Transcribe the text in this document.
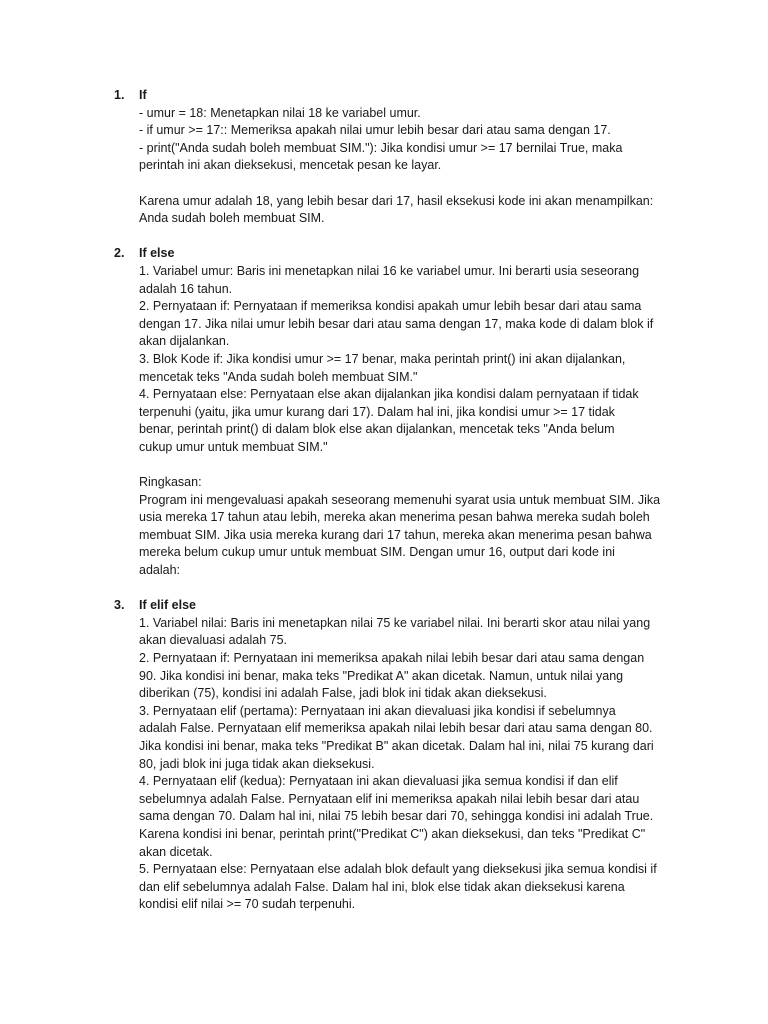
1. If
- umur = 18: Menetapkan nilai 18 ke variabel umur.
- if umur >= 17:: Memeriksa apakah nilai umur lebih besar dari atau sama dengan 17.
- print("Anda sudah boleh membuat SIM."): Jika kondisi umur >= 17 bernilai True, maka
perintah ini akan dieksekusi, mencetak pesan ke layar.
Karena umur adalah 18, yang lebih besar dari 17, hasil eksekusi kode ini akan menampilkan:
Anda sudah boleh membuat SIM.
2. If else
1. Variabel umur: Baris ini menetapkan nilai 16 ke variabel umur. Ini berarti usia seseorang
adalah 16 tahun.
2. Pernyataan if: Pernyataan if memeriksa kondisi apakah umur lebih besar dari atau sama
dengan 17. Jika nilai umur lebih besar dari atau sama dengan 17, maka kode di dalam blok if
akan dijalankan.
3. Blok Kode if: Jika kondisi umur >= 17 benar, maka perintah print() ini akan dijalankan,
mencetak teks "Anda sudah boleh membuat SIM."
4. Pernyataan else: Pernyataan else akan dijalankan jika kondisi dalam pernyataan if tidak
terpenuhi (yaitu, jika umur kurang dari 17). Dalam hal ini, jika kondisi umur >= 17 tidak
benar, perintah print() di dalam blok else akan dijalankan, mencetak teks "Anda belum
cukup umur untuk membuat SIM."
Ringkasan:
Program ini mengevaluasi apakah seseorang memenuhi syarat usia untuk membuat SIM. Jika
usia mereka 17 tahun atau lebih, mereka akan menerima pesan bahwa mereka sudah boleh
membuat SIM. Jika usia mereka kurang dari 17 tahun, mereka akan menerima pesan bahwa
mereka belum cukup umur untuk membuat SIM. Dengan umur 16, output dari kode ini
adalah:
3. If elif else
1. Variabel nilai: Baris ini menetapkan nilai 75 ke variabel nilai. Ini berarti skor atau nilai yang
akan dievaluasi adalah 75.
2. Pernyataan if: Pernyataan ini memeriksa apakah nilai lebih besar dari atau sama dengan
90. Jika kondisi ini benar, maka teks "Predikat A" akan dicetak. Namun, untuk nilai yang
diberikan (75), kondisi ini adalah False, jadi blok ini tidak akan dieksekusi.
3. Pernyataan elif (pertama): Pernyataan ini akan dievaluasi jika kondisi if sebelumnya
adalah False. Pernyataan elif memeriksa apakah nilai lebih besar dari atau sama dengan 80.
Jika kondisi ini benar, maka teks "Predikat B" akan dicetak. Dalam hal ini, nilai 75 kurang dari
80, jadi blok ini juga tidak akan dieksekusi.
4. Pernyataan elif (kedua): Pernyataan ini akan dievaluasi jika semua kondisi if dan elif
sebelumnya adalah False. Pernyataan elif ini memeriksa apakah nilai lebih besar dari atau
sama dengan 70. Dalam hal ini, nilai 75 lebih besar dari 70, sehingga kondisi ini adalah True.
Karena kondisi ini benar, perintah print("Predikat C") akan dieksekusi, dan teks "Predikat C"
akan dicetak.
5. Pernyataan else: Pernyataan else adalah blok default yang dieksekusi jika semua kondisi if
dan elif sebelumnya adalah False. Dalam hal ini, blok else tidak akan dieksekusi karena
kondisi elif nilai >= 70 sudah terpenuhi.
